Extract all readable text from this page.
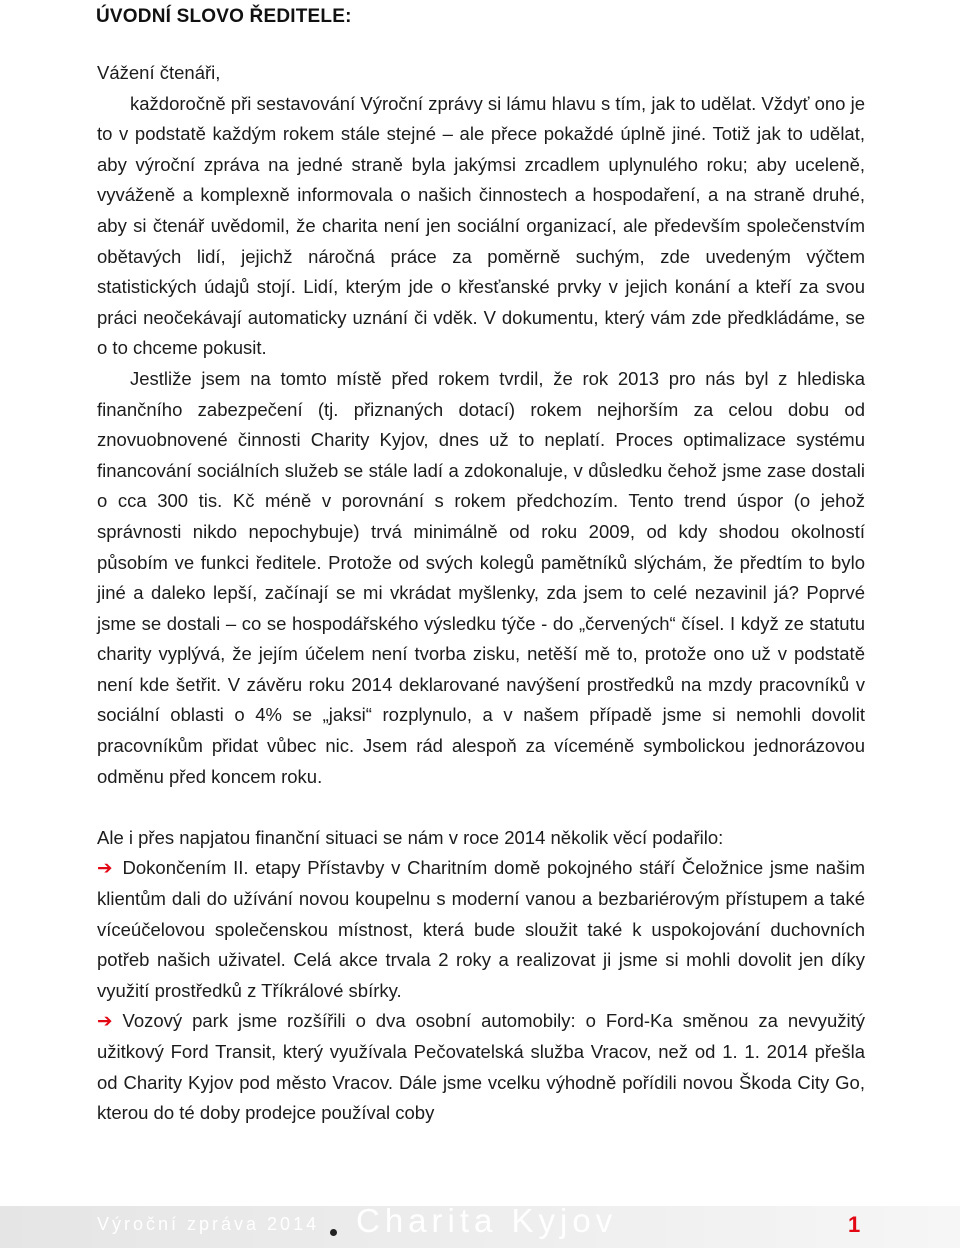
ÚVODNÍ SLOVO ŘEDITELE:

Vážení čtenáři,

každoročně při sestavování Výroční zprávy si lámu hlavu s tím, jak to udělat. Vždyť ono je to v podstatě každým rokem stále stejné – ale přece pokaždé úplně jiné. Totiž jak to udělat, aby výroční zpráva na jedné straně byla jakýmsi zrcadlem uplynulého roku; aby uceleně, vyváženě a komplexně informovala o našich činnostech a hospodaření, a na straně druhé, aby si čtenář uvědomil, že charita není jen sociální organizací, ale především společenstvím obětavých lidí, jejichž náročná práce za poměrně suchým, zde uvedeným výčtem statistických údajů stojí. Lidí, kterým jde o křesťanské prvky v jejich konání a kteří za svou práci neočekávají automaticky uznání či vděk. V dokumentu, který vám zde předkládáme, se o to chceme pokusit.

Jestliže jsem na tomto místě před rokem tvrdil, že rok 2013 pro nás byl z hlediska finančního zabezpečení (tj. přiznaných dotací) rokem nejhorším za celou dobu od znovuobnovené činnosti Charity Kyjov, dnes už to neplatí. Proces optimalizace systému financování sociálních služeb se stále ladí a zdokonaluje, v důsledku čehož jsme zase dostali o cca 300 tis. Kč méně v porovnání s rokem předchozím. Tento trend úspor (o jehož správnosti nikdo nepochybuje) trvá minimálně od roku 2009, od kdy shodou okolností působím ve funkci ředitele. Protože od svých kolegů pamětníků slýchám, že předtím to bylo jiné a daleko lepší, začínají se mi vkrádat myšlenky, zda jsem to celé nezavinil já? Poprvé jsme se dostali – co se hospodářského výsledku týče - do „červených“ čísel. I když ze statutu charity vyplývá, že jejím účelem není tvorba zisku, netěší mě to, protože ono už v podstatě není kde šetřit. V závěru roku 2014 deklarované navýšení prostředků na mzdy pracovníků v sociální oblasti o 4% se „jaksi“ rozplynulo, a v našem případě jsme si nemohli dovolit pracovníkům přidat vůbec nic. Jsem rád alespoň za víceméně symbolickou jednorázovou odměnu před koncem roku.

Ale i přes napjatou finanční situaci se nám v roce 2014 několik věcí podařilo:

➔ Dokončením II. etapy Přístavby v Charitním domě pokojného stáří Čeložnice jsme našim klientům dali do užívání novou koupelnu s moderní vanou a bezbariérovým přístupem a také víceúčelovou společenskou místnost, která bude sloužit také k uspokojování duchovních potřeb našich uživatel. Celá akce trvala 2 roky a realizovat ji jsme si mohli dovolit jen díky využití prostředků z Tříkrálové sbírky.

➔ Vozový park jsme rozšířili o dva osobní automobily: o Ford-Ka směnou za nevyužitý užitkový Ford Transit, který využívala Pečovatelská služba Vracov, než od 1. 1. 2014 přešla od Charity Kyjov pod město Vracov. Dále jsme vcelku výhodně pořídili novou Škoda City Go, kterou do té doby prodejce používal coby

Výroční zpráva 2014 Charita Kyjov	1
